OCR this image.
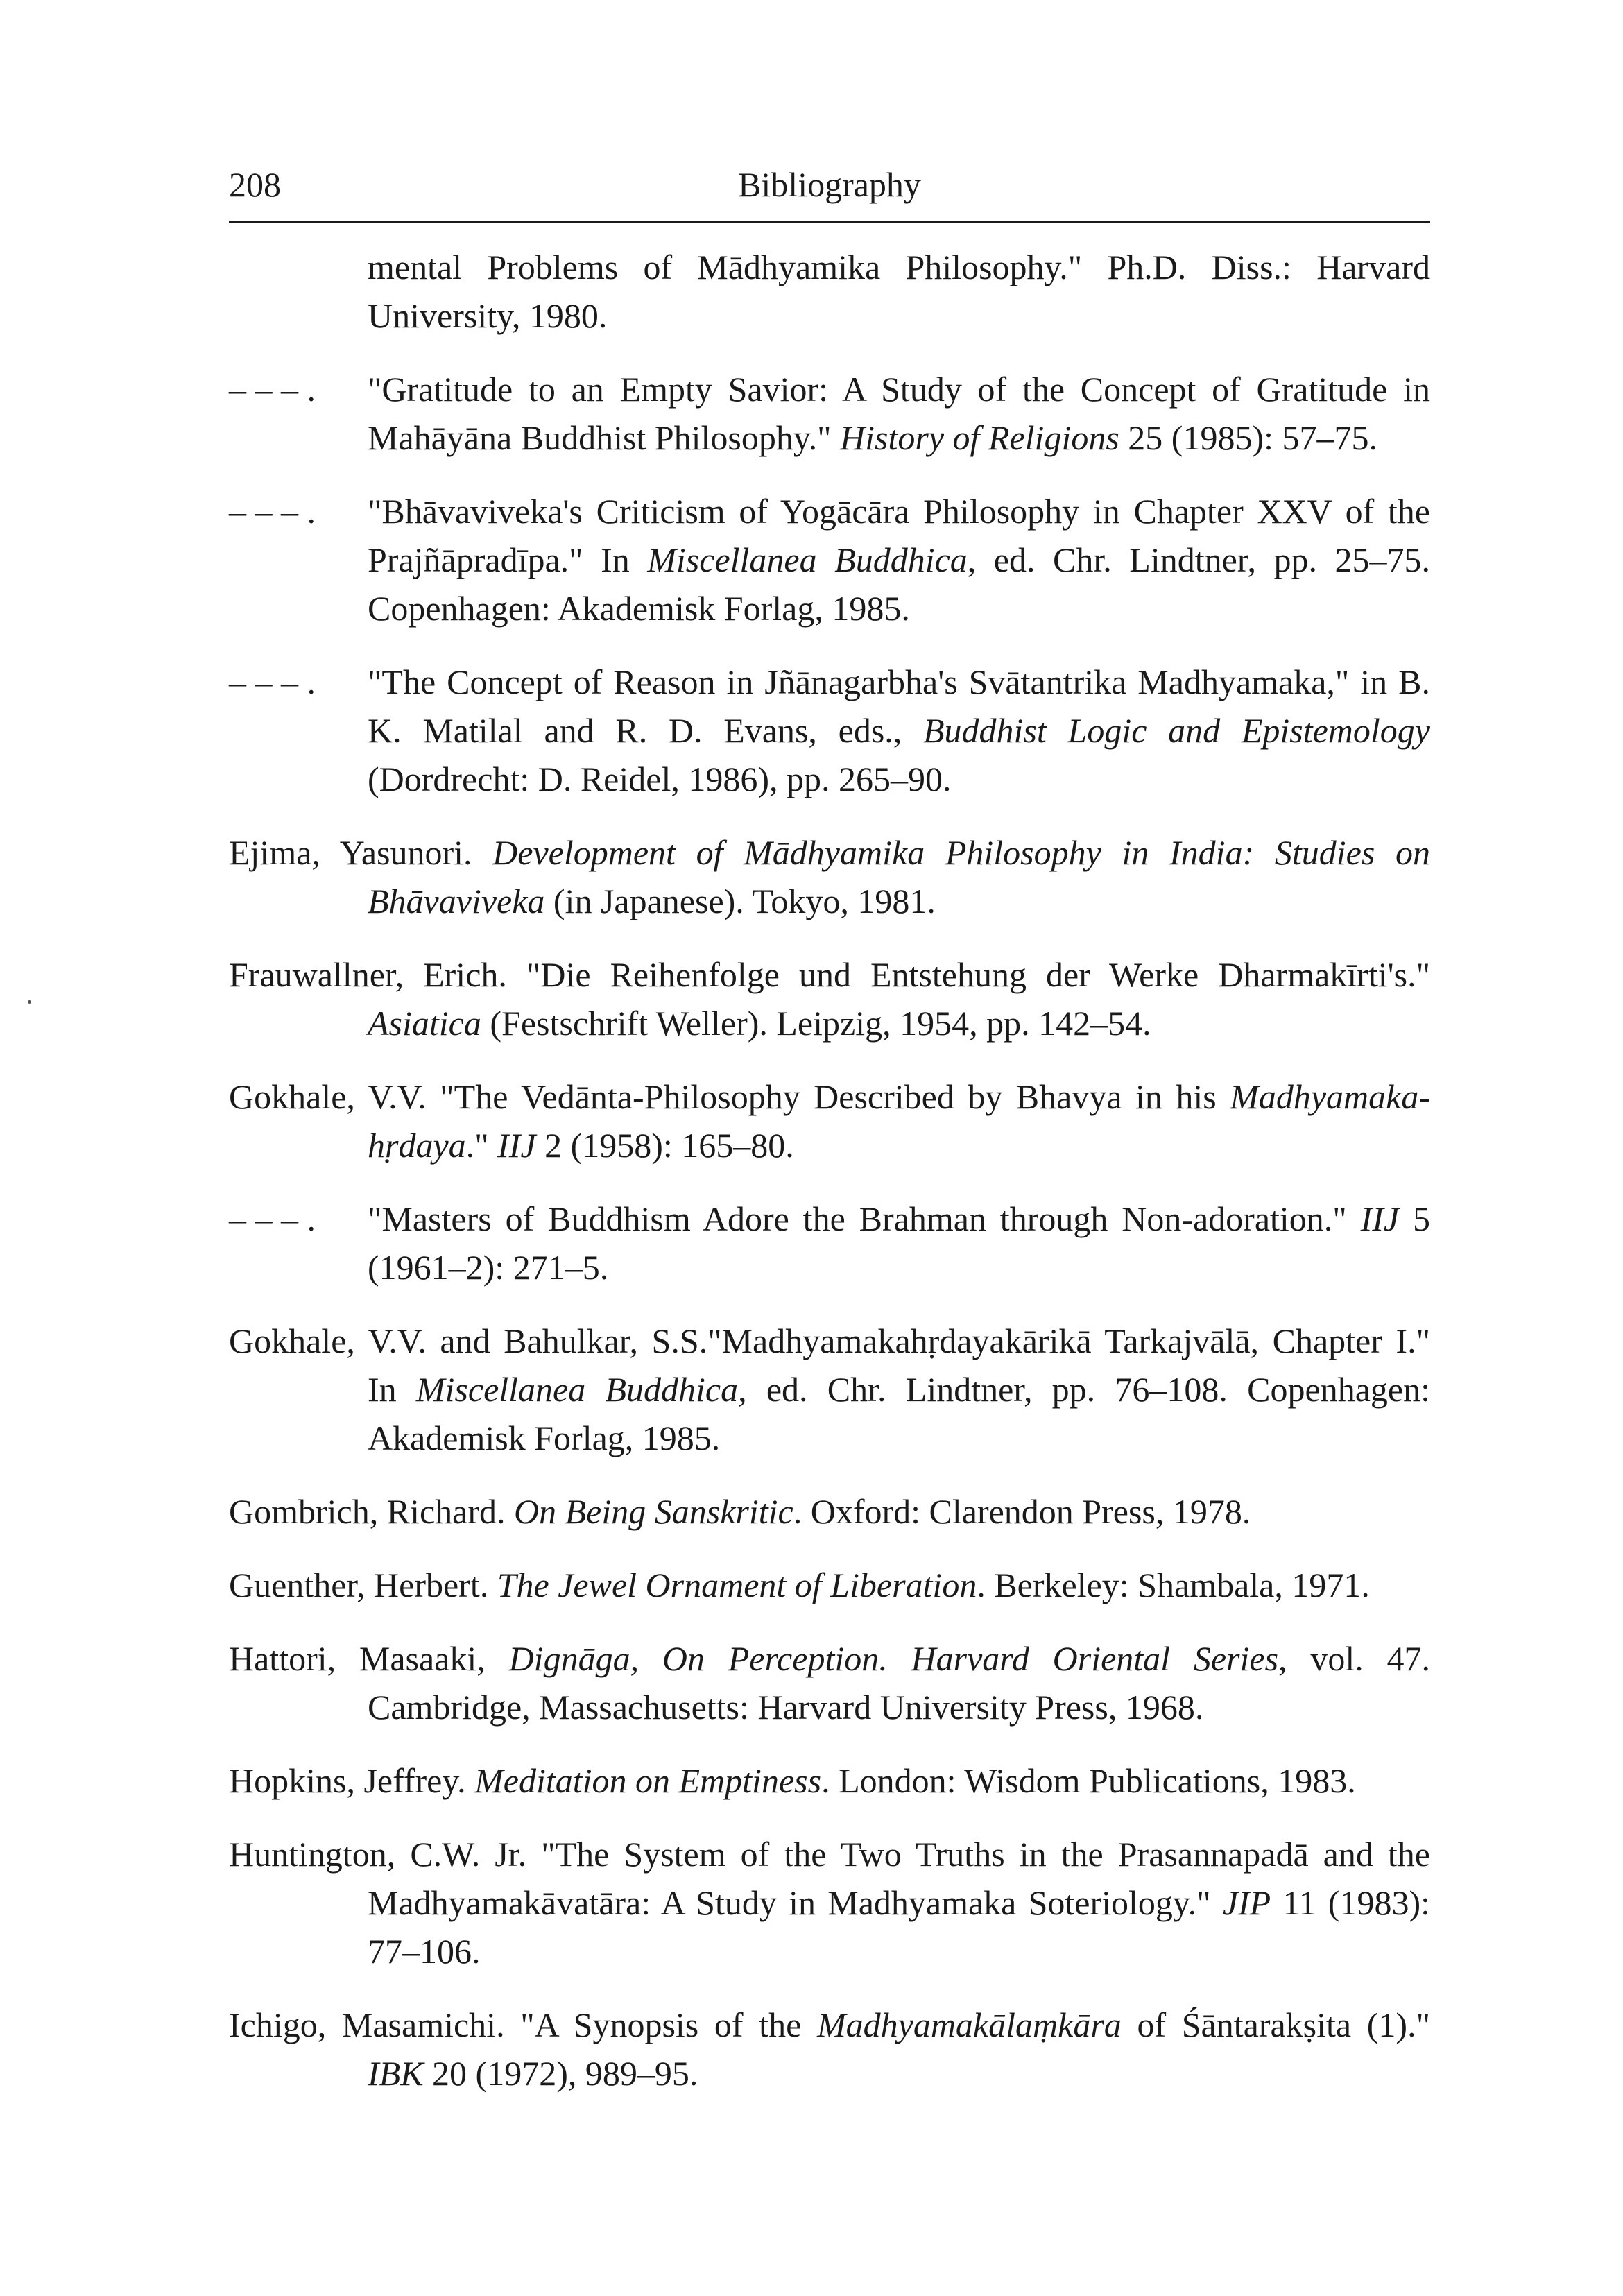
208	Bibliography
mental Problems of Mādhyamika Philosophy." Ph.D. Diss.: Harvard University, 1980.
– – – . "Gratitude to an Empty Savior: A Study of the Concept of Gratitude in Mahāyāna Buddhist Philosophy." History of Religions 25 (1985): 57–75.
– – – . "Bhāvaviveka's Criticism of Yogācāra Philosophy in Chapter XXV of the Prajñāpradīpa." In Miscellanea Buddhica, ed. Chr. Lindtner, pp. 25–75. Copenhagen: Akademisk Forlag, 1985.
– – – . "The Concept of Reason in Jñānagarbha's Svātantrika Madhyamaka," in B. K. Matilal and R. D. Evans, eds., Buddhist Logic and Epistemology (Dordrecht: D. Reidel, 1986), pp. 265–90.
Ejima, Yasunori. Development of Mādhyamika Philosophy in India: Studies on Bhāvaviveka (in Japanese). Tokyo, 1981.
Frauwallner, Erich. "Die Reihenfolge und Entstehung der Werke Dharmakīrti's." Asiatica (Festschrift Weller). Leipzig, 1954, pp. 142–54.
Gokhale, V.V. "The Vedānta-Philosophy Described by Bhavya in his Madhyamaka-hṛdaya." IIJ 2 (1958): 165–80.
– – – . "Masters of Buddhism Adore the Brahman through Non-adoration." IIJ 5 (1961–2): 271–5.
Gokhale, V.V. and Bahulkar, S.S."Madhyamakahṛdayakārikā Tarkajvālā, Chapter I." In Miscellanea Buddhica, ed. Chr. Lindtner, pp. 76–108. Copenhagen: Akademisk Forlag, 1985.
Gombrich, Richard. On Being Sanskritic. Oxford: Clarendon Press, 1978.
Guenther, Herbert. The Jewel Ornament of Liberation. Berkeley: Shambala, 1971.
Hattori, Masaaki, Dignāga, On Perception. Harvard Oriental Series, vol. 47. Cambridge, Massachusetts: Harvard University Press, 1968.
Hopkins, Jeffrey. Meditation on Emptiness. London: Wisdom Publications, 1983.
Huntington, C.W. Jr. "The System of the Two Truths in the Prasannapadā and the Madhyamakāvatāra: A Study in Madhyamaka Soteriology." JIP 11 (1983): 77–106.
Ichigo, Masamichi. "A Synopsis of the Madhyamakālaṃkāra of Śāntarakṣita (1)." IBK 20 (1972), 989–95.
